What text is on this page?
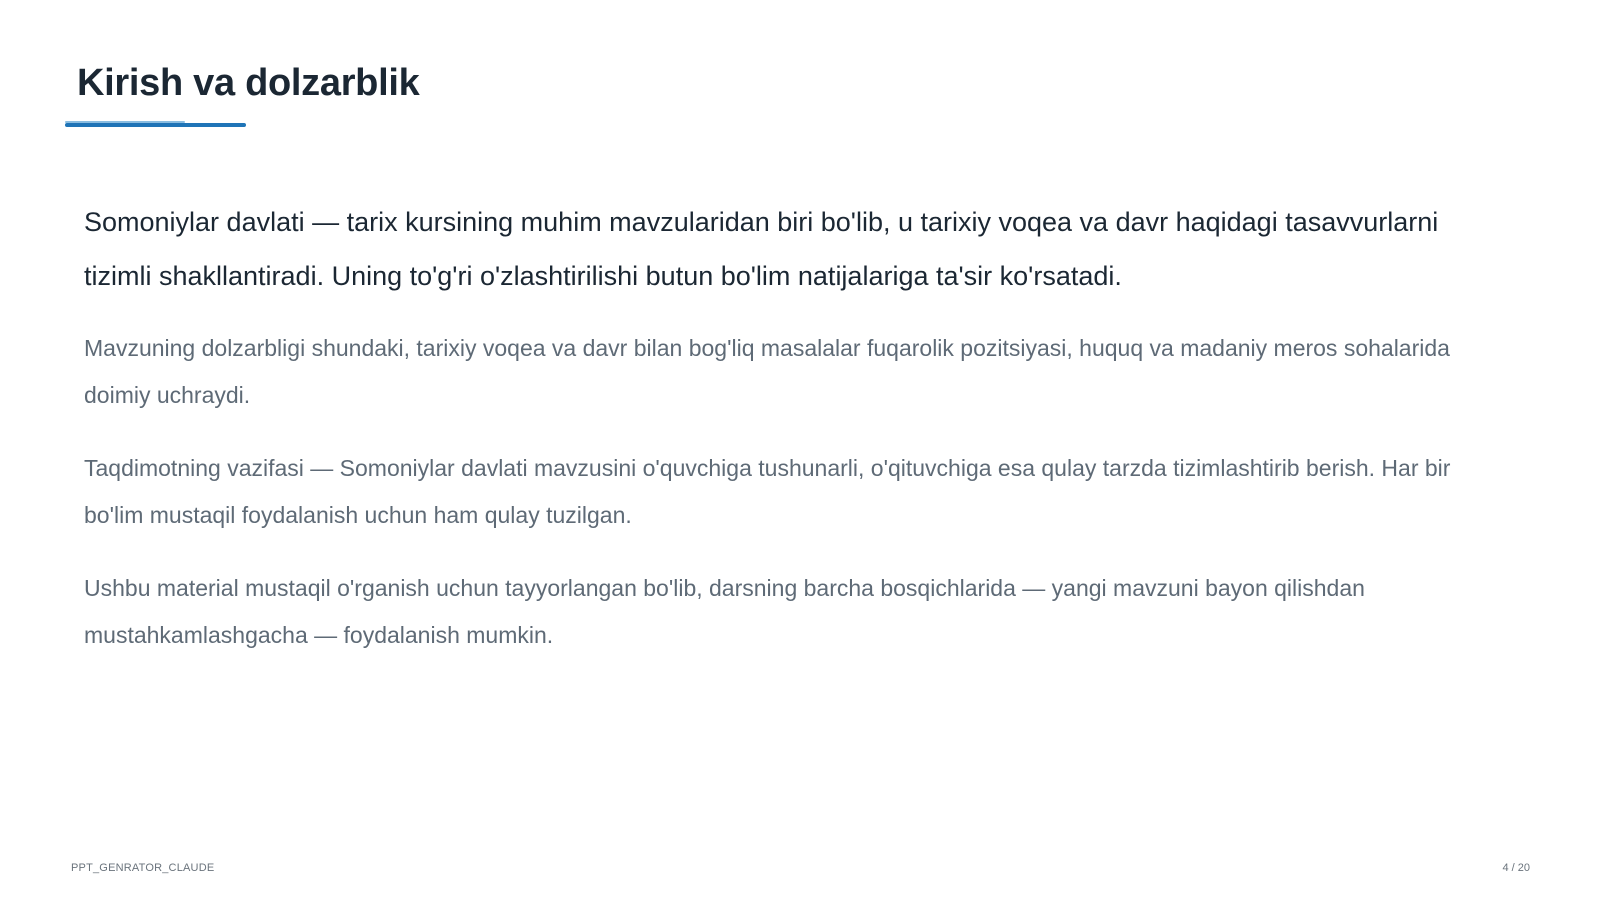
Kirish va dolzarblik

Somoniylar davlati — tarix kursining muhim mavzularidan biri bo'lib, u tarixiy voqea va davr haqidagi tasavvurlarni tizimli shakllantiradi. Uning to'g'ri o'zlashtirilishi butun bo'lim natijalariga ta'sir ko'rsatadi.

Mavzuning dolzarbligi shundaki, tarixiy voqea va davr bilan bog'liq masalalar fuqarolik pozitsiyasi, huquq va madaniy meros sohalarida doimiy uchraydi.

Taqdimotning vazifasi — Somoniylar davlati mavzusini o'quvchiga tushunarli, o'qituvchiga esa qulay tarzda tizimlashtirib berish. Har bir bo'lim mustaqil foydalanish uchun ham qulay tuzilgan.

Ushbu material mustaqil o'rganish uchun tayyorlangan bo'lib, darsning barcha bosqichlarida — yangi mavzuni bayon qilishdan mustahkamlashgacha — foydalanish mumkin.

PPT_GENRATOR_CLAUDE	4 / 20
